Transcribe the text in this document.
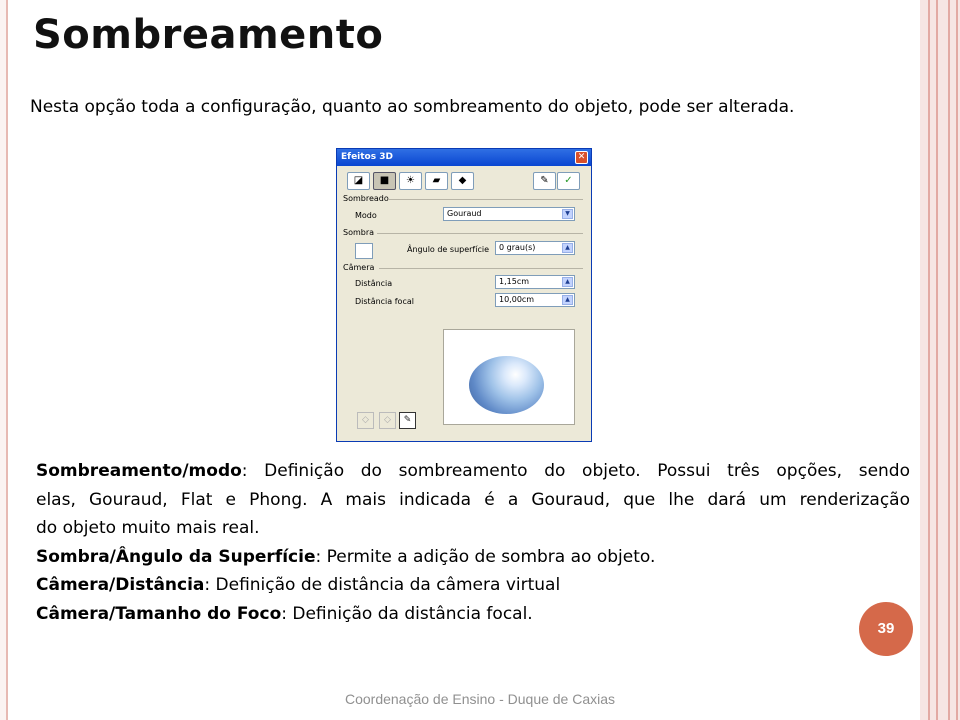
Sombreamento
Nesta opção toda a configuração, quanto ao sombreamento do objeto, pode ser alterada.
Efeitos 3D	✕
◪	■	☀	▰	◆	✎	✓
Sombreado
Modo	Gouraud	▼
Sombra
Ângulo de superfície	0 grau(s)	▲
Câmera
Distância	1,15cm	▲
Distância focal	10,00cm	▲
◇	◇	✎

Sombreamento/modo: Definição do sombreamento do objeto. Possui três opções, sendo

elas, Gouraud, Flat e Phong. A mais indicada é a Gouraud, que lhe dará um renderização

do objeto muito mais real.

Sombra/Ângulo da Superfície: Permite a adição de sombra ao objeto.

Câmera/Distância: Definição de distância da câmera virtual

Câmera/Tamanho do Foco: Definição da distância focal.

39
Coordenação de Ensino - Duque de Caxias
